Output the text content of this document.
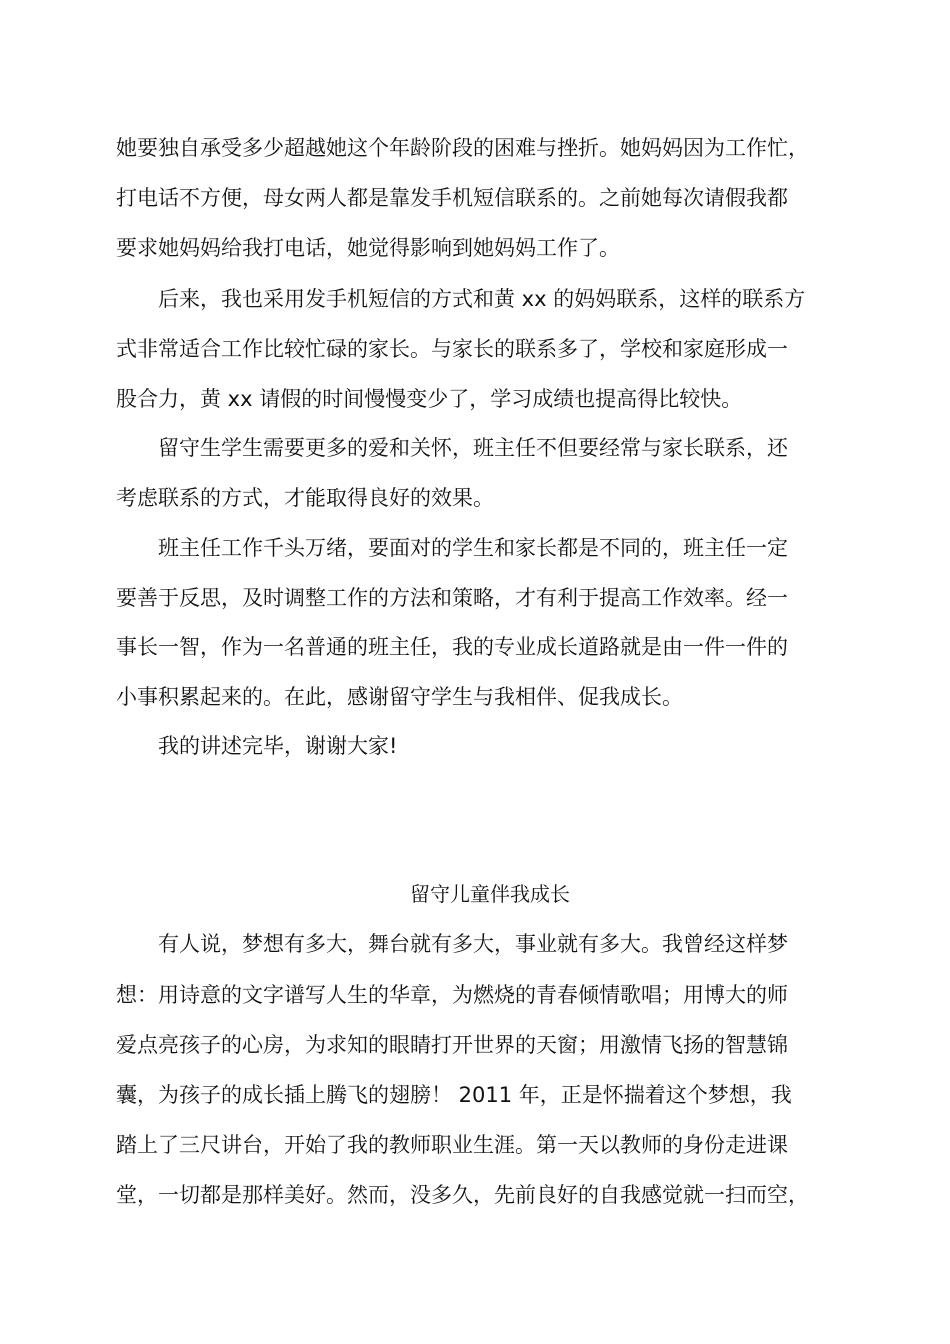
她要独自承受多少超越她这个年龄阶段的困难与挫折。她妈妈因为工作忙，
打电话不方便，母女两人都是靠发手机短信联系的。之前她每次请假我都
要求她妈妈给我打电话，她觉得影响到她妈妈工作了。
后来，我也采用发手机短信的方式和黄 xx 的妈妈联系，这样的联系方
式非常适合工作比较忙碌的家长。与家长的联系多了，学校和家庭形成一
股合力，黄 xx 请假的时间慢慢变少了，学习成绩也提高得比较快。
留守生学生需要更多的爱和关怀，班主任不但要经常与家长联系，还
考虑联系的方式，才能取得良好的效果。
班主任工作千头万绪，要面对的学生和家长都是不同的，班主任一定
要善于反思，及时调整工作的方法和策略，才有利于提高工作效率。经一
事长一智，作为一名普通的班主任，我的专业成长道路就是由一件一件的
小事积累起来的。在此，感谢留守学生与我相伴、促我成长。
我的讲述完毕，谢谢大家!
留守儿童伴我成长
有人说，梦想有多大，舞台就有多大，事业就有多大。我曾经这样梦
想：用诗意的文字谱写人生的华章，为燃烧的青春倾情歌唱；用博大的师
爱点亮孩子的心房，为求知的眼睛打开世界的天窗；用激情飞扬的智慧锦
囊，为孩子的成长插上腾飞的翅膀！ 2011 年，正是怀揣着这个梦想，我
踏上了三尺讲台，开始了我的教师职业生涯。第一天以教师的身份走进课
堂，一切都是那样美好。然而，没多久，先前良好的自我感觉就一扫而空，
